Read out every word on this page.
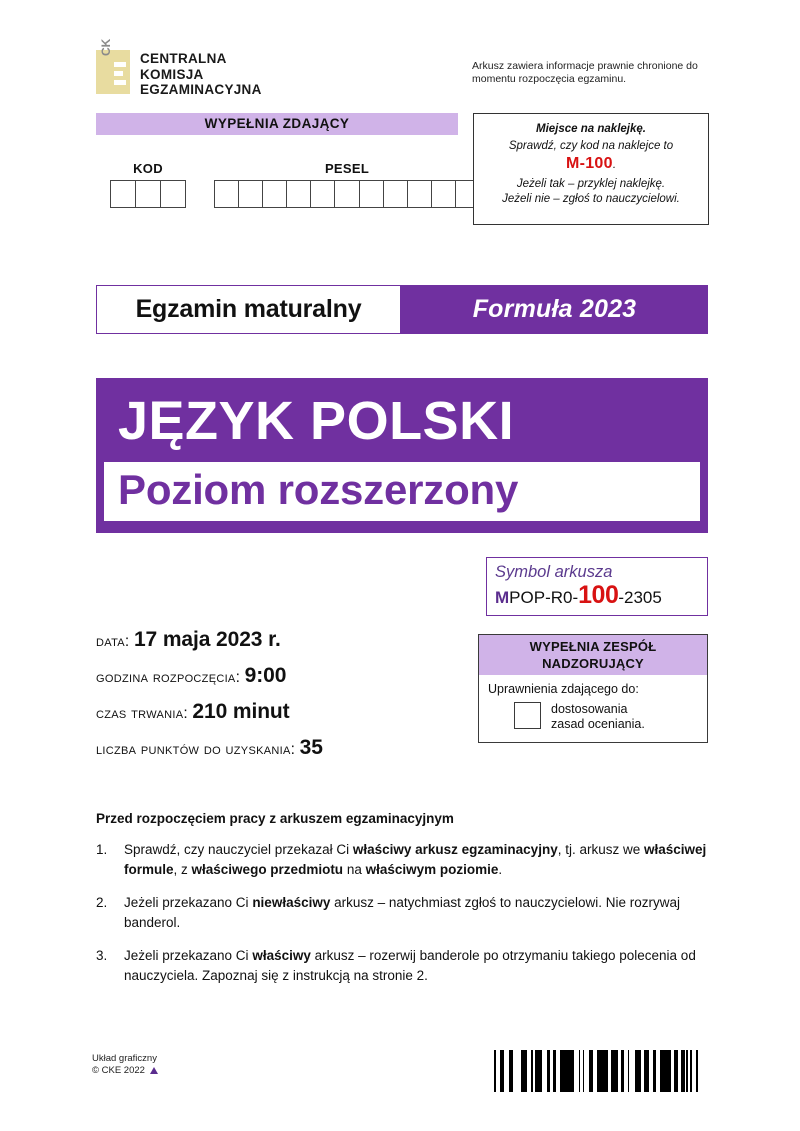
CK
CENTRALNA
KOMISJA
EGZAMINACYJNA
Arkusz zawiera informacje prawnie chronione do momentu rozpoczęcia egzaminu.
WYPEŁNIA ZDAJĄCY
KOD	PESEL
Miejsce na naklejkę.
Sprawdź, czy kod na naklejce to
M-100.
Jeżeli tak – przyklej naklejkę.
Jeżeli nie – zgłoś to nauczycielowi.
Egzamin maturalny	Formuła 2023
JĘZYK POLSKI
Poziom rozszerzony
Symbol arkusza
MPOP-R0-100-2305
data: 17 maja 2023 r.
godzina rozpoczęcia: 9:00
czas trwania: 210 minut
liczba punktów do uzyskania: 35
WYPEŁNIA ZESPÓŁ
NADZORUJĄCY
Uprawnienia zdającego do:
dostosowania
zasad oceniania.
Przed rozpoczęciem pracy z arkuszem egzaminacyjnym
1.	Sprawdź, czy nauczyciel przekazał Ci właściwy arkusz egzaminacyjny, tj. arkusz we właściwej formule, z właściwego przedmiotu na właściwym poziomie.
2.	Jeżeli przekazano Ci niewłaściwy arkusz – natychmiast zgłoś to nauczycielowi. Nie rozrywaj banderol.
3.	Jeżeli przekazano Ci właściwy arkusz – rozerwij banderole po otrzymaniu takiego polecenia od nauczyciela. Zapoznaj się z instrukcją na stronie 2.
Układ graficzny
© CKE 2022
